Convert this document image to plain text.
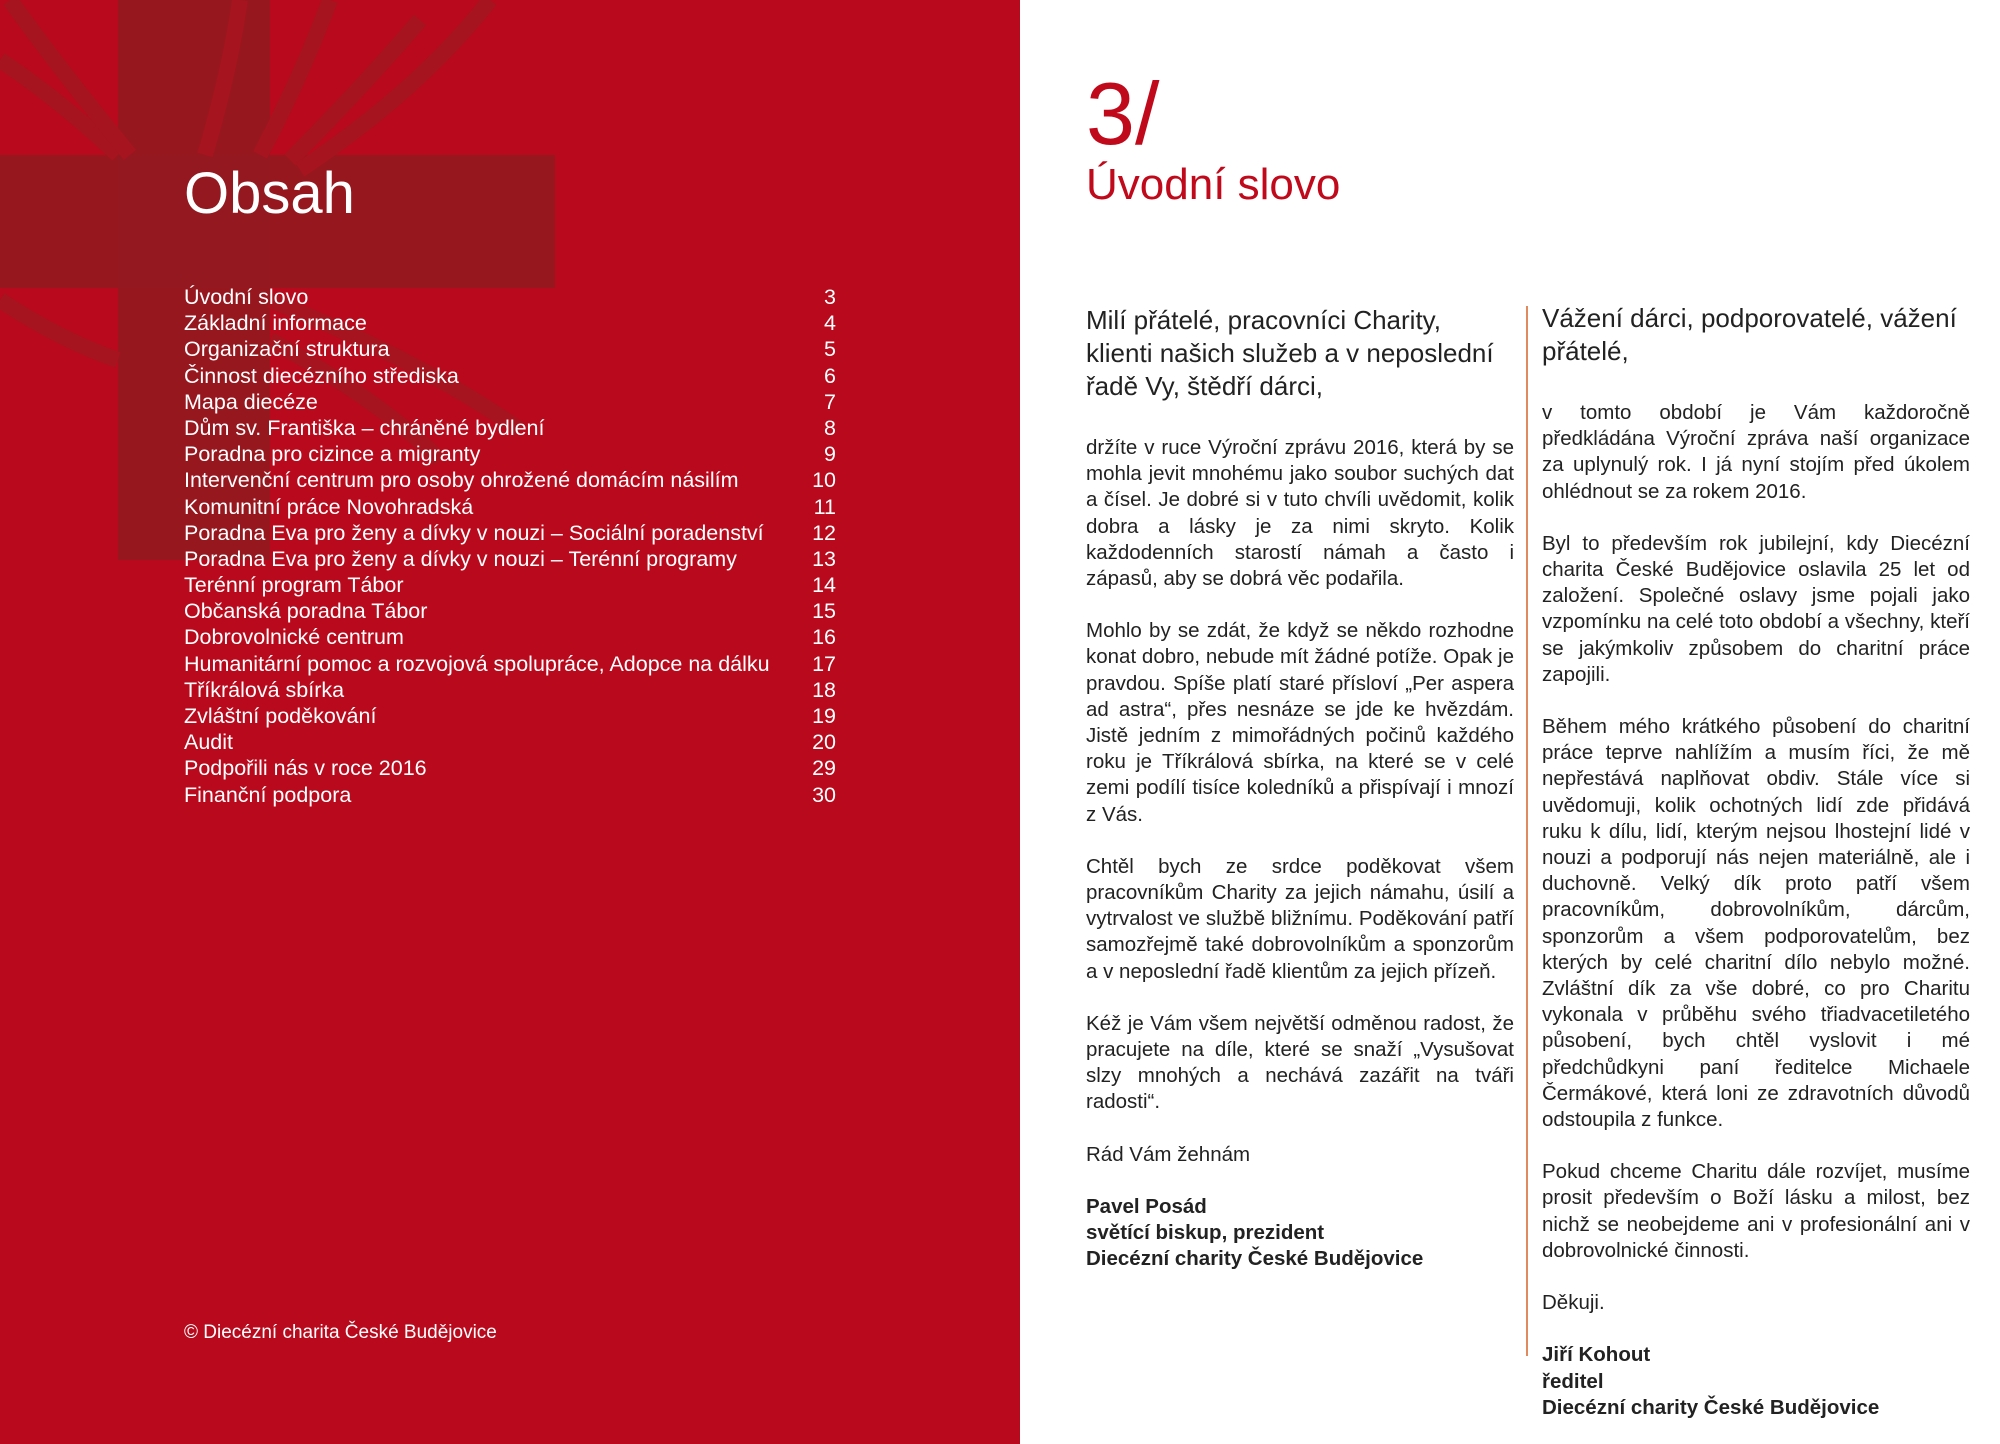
Obsah
Úvodní slovo	3
Základní informace	4
Organizační struktura	5
Činnost diecézního střediska	6
Mapa diecéze	7
Dům sv. Františka – chráněné bydlení	8
Poradna pro cizince a migranty	9
Intervenční centrum pro osoby ohrožené domácím násilím	10
Komunitní práce Novohradská	11
Poradna Eva pro ženy a dívky v nouzi – Sociální poradenství	12
Poradna Eva pro ženy a dívky v nouzi – Terénní programy	13
Terénní program Tábor	14
Občanská poradna Tábor	15
Dobrovolnické centrum	16
Humanitární pomoc a rozvojová spolupráce, Adopce na dálku	17
Tříkrálová sbírka	18
Zvláštní poděkování	19
Audit	20
Podpořili nás v roce 2016	29
Finanční podpora	30
© Diecézní charita České Budějovice
3/
Úvodní slovo

Milí přátelé, pracovníci Charity, klienti našich služeb a v neposlední řadě Vy, štědří dárci,

držíte v ruce Výroční zprávu 2016, která by se mohla jevit mnohému jako soubor suchých dat a čísel. Je dobré si v tuto chvíli uvědomit, kolik dobra a lásky je za nimi skryto. Kolik každodenních starostí námah a často i zápasů, aby se dobrá věc podařila.

Mohlo by se zdát, že když se někdo rozhodne konat dobro, nebude mít žádné potíže. Opak je pravdou. Spíše platí staré přísloví „Per aspera ad astra“, přes nesnáze se jde ke hvězdám. Jistě jedním z mimořádných počinů každého roku je Tříkrálová sbírka, na které se v celé zemi podílí tisíce koledníků a přispívají i mnozí z Vás.

Chtěl bych ze srdce poděkovat všem pracovníkům Charity za jejich námahu, úsilí a vytrvalost ve službě bližnímu. Poděkování patří samozřejmě také dobrovolníkům a sponzorům a v neposlední řadě klientům za jejich přízeň.

Kéž je Vám všem největší odměnou radost, že pracujete na díle, které se snaží „Vysušovat slzy mnohých a nechává zazářit na tváři radosti“.

Rád Vám žehnám

Pavel Posád

světící biskup, prezident

Diecézní charity České Budějovice

Vážení dárci, podporovatelé, vážení přátelé,

v tomto období je Vám každoročně předkládána Výroční zpráva naší organizace za uplynulý rok. I já nyní stojím před úkolem ohlédnout se za rokem 2016.

Byl to především rok jubilejní, kdy Diecézní charita České Budějovice oslavila 25 let od založení. Společné oslavy jsme pojali jako vzpomínku na celé toto období a všechny, kteří se jakýmkoliv způsobem do charitní práce zapojili.

Během mého krátkého působení do charitní práce teprve nahlížím a musím říci, že mě nepřestává naplňovat obdiv. Stále více si uvědomuji, kolik ochotných lidí zde přidává ruku k dílu, lidí, kterým nejsou lhostejní lidé v nouzi a podporují nás nejen materiálně, ale i duchovně. Velký dík proto patří všem pracovníkům, dobrovolníkům, dárcům, sponzorům a všem podporovatelům, bez kterých by celé charitní dílo nebylo možné. Zvláštní dík za vše dobré, co pro Charitu vykonala v průběhu svého třiadvacetiletého působení, bych chtěl vyslovit i mé předchůdkyni paní ředitelce Michaele Čermákové, která loni ze zdravotních důvodů odstoupila z funkce.

Pokud chceme Charitu dále rozvíjet, musíme prosit především o Boží lásku a milost, bez nichž se neobejdeme ani v profesionální ani v dobrovolnické činnosti.

Děkuji.

Jiří Kohout

ředitel

Diecézní charity České Budějovice
